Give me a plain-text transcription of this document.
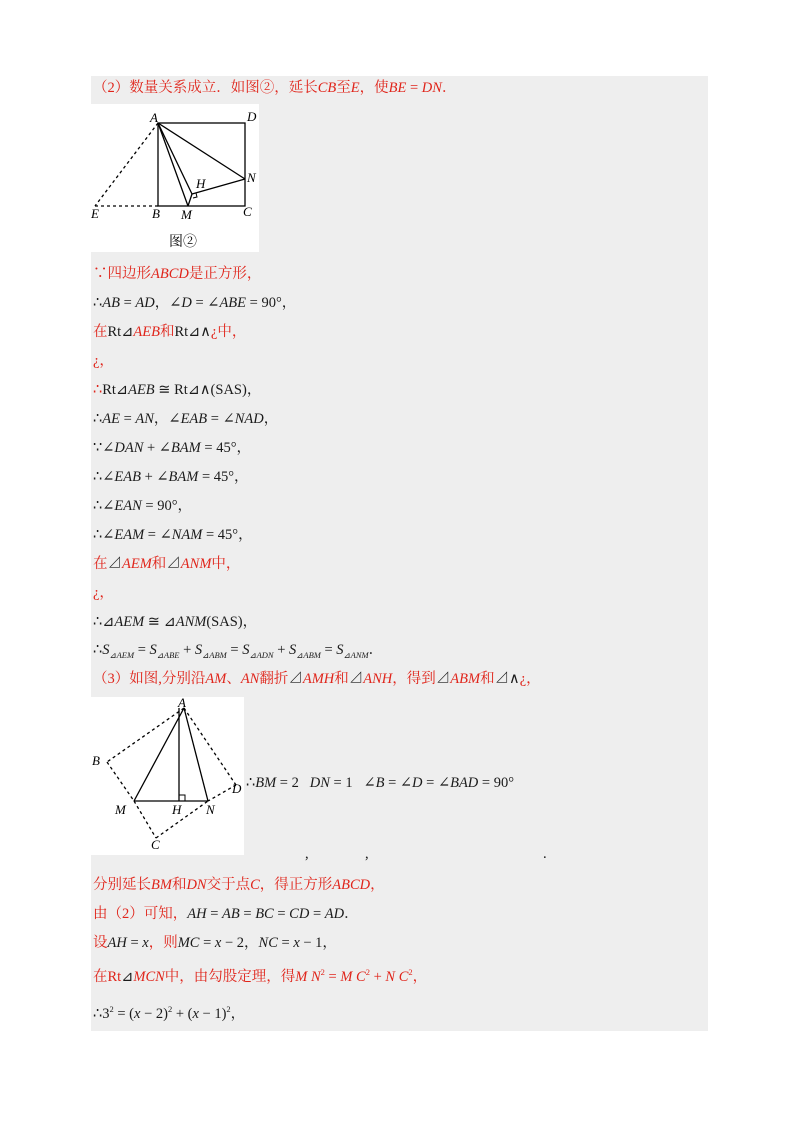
（2）数量关系成立．如图②，延长CB至E，使BE = DN．
A	D
E	B M	C
H	N
图②
∵四边形ABCD是正方形，
∴AB = AD，∠D = ∠ABE = 90°，
在Rt⊿AEB和Rt⊿∧¿中，
¿，
∴Rt⊿AEB ≅ Rt⊿∧(SAS)，
∴AE = AN，∠EAB = ∠NAD，
∵∠DAN + ∠BAM = 45°，
∴∠EAB + ∠BAM = 45°，
∴∠EAN = 90°，
∴∠EAM = ∠NAM = 45°，
在⊿AEM和⊿ANM中，
¿，
∴⊿AEM ≅ ⊿ANM(SAS)，
$\therefore S_{⊿AEM} = S_{⊿ABE} + S_{⊿ABM} = S_{⊿ADN} + S_{⊿ABM} = S_{⊿ANM}$．
（3）如图,分别沿AM、AN翻折⊿AMH和⊿ANH，得到⊿ABM和⊿∧¿，
A
B
D
M	H N
C
∴BM = 2   DN = 1   ∠B = ∠D = ∠BAD = 90°
,	,	.
分别延长BM和DN交于点C，得正方形ABCD，
由（2）可知，AH = AB = BC = CD = AD．
设AH = x，则MC = x − 2，NC = x − 1，
在Rt⊿MCN中，由勾股定理，得M $N^2 = M$ $C^2 + N$ $C^2$，
$\therefore 3^2 = (x - 2)^2 + (x - 1)^2$，
